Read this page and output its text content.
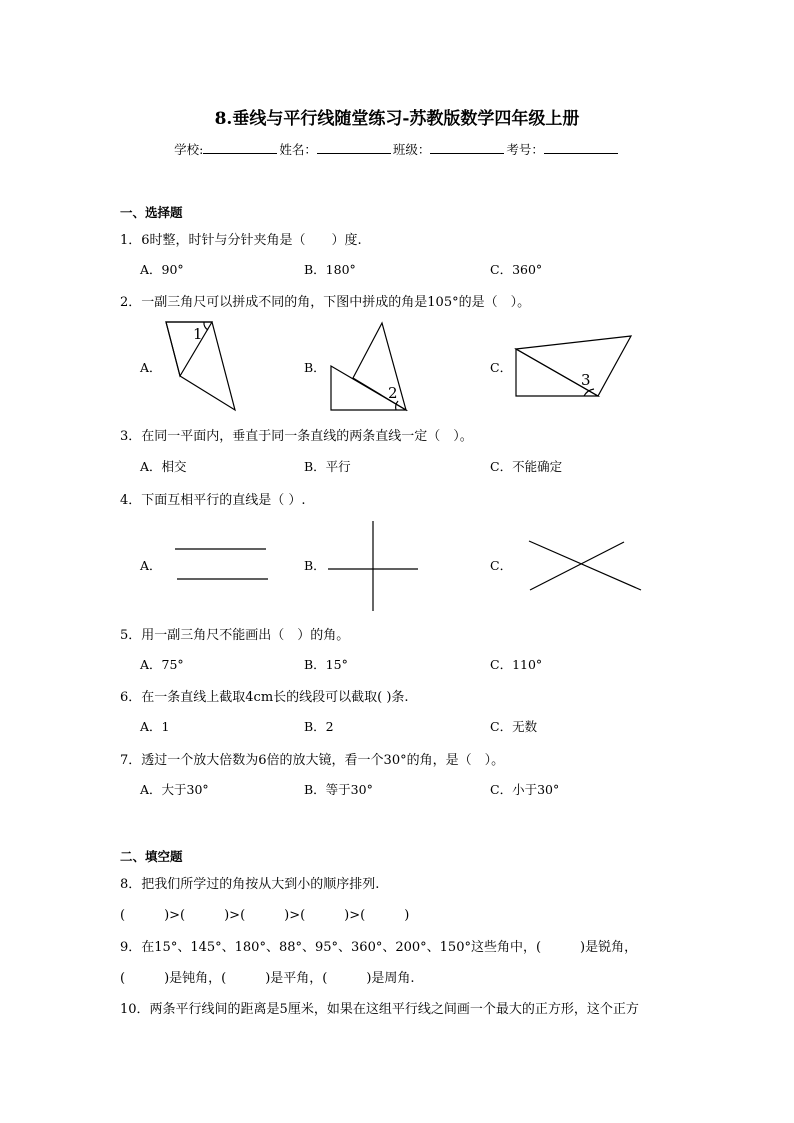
8.垂线与平行线随堂练习-苏教版数学四年级上册
学校:	姓名：	班级：	考号：
一、选择题
1．6时整，时针与分针夹角是（　　）度.
A．90°	B．180°	C．360°
2．一副三角尺可以拼成不同的角，下图中拼成的角是105°的是（　）。
A．	B．	C．
1
2
3
3．在同一平面内，垂直于同一条直线的两条直线一定（　）。
A．相交	B．平行	C．不能确定
4．下面互相平行的直线是（ ）.
A．	B．	C．
5．用一副三角尺不能画出（　）的角。
A．75°	B．15°	C．110°
6．在一条直线上截取4cm长的线段可以截取( )条.
A．1	B．2	C．无数
7．透过一个放大倍数为6倍的放大镜，看一个30°的角，是（　）。
A．大于30°	B．等于30°	C．小于30°
二、填空题
8．把我们所学过的角按从大到小的顺序排列.
(　　　)>(　　　)>(　　　)>(　　　)>(　　　)
9．在15°、145°、180°、88°、95°、360°、200°、150°这些角中，(　　　)是锐角，
(　　　)是钝角，(　　　)是平角，(　　　)是周角.
10．两条平行线间的距离是5厘米，如果在这组平行线之间画一个最大的正方形，这个正方
